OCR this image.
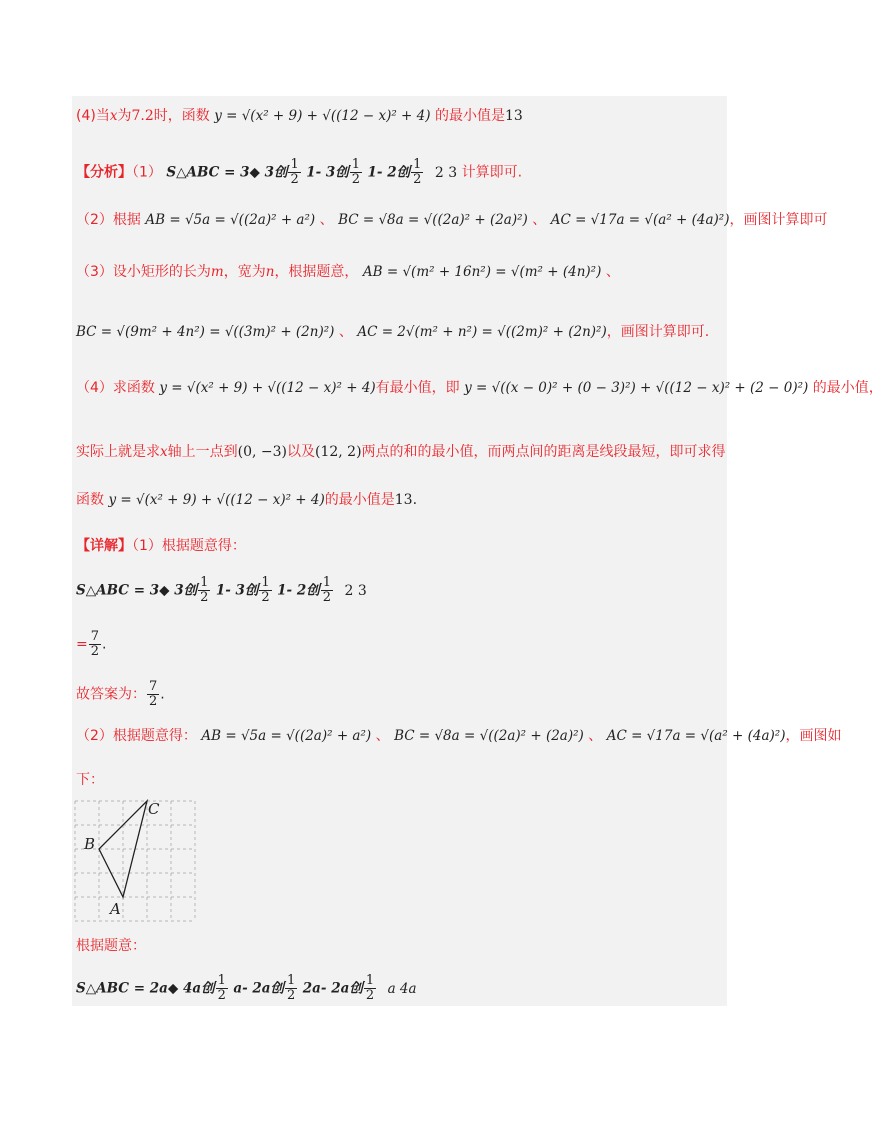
(4)当x为7.2时，函数 y = √(x² + 9) + √((12 − x)² + 4) 的最小值是13
【分析】（1） S△ABC = 3◆ 3创 $\frac{1}{2} 1-$ 3创 $\frac{1}{2} 1-$ 2创 $\frac{1}{2} 2$ 3 计算即可.
（2）根据 AB = √5a = √((2a)² + a²) 、 BC = √8a = √((2a)² + (2a)²) 、 AC = √17a = √(a² + (4a)²)，画图计算即可
（3）设小矩形的长为m，宽为n，根据题意， AB = √(m² + 16n²) = √(m² + (4n)²) 、
BC = √(9m² + 4n²) = √((3m)² + (2n)²) 、 AC = 2√(m² + n²) = √((2m)² + (2n)²)，画图计算即可.
（4）求函数 y = √(x² + 9) + √((12 − x)² + 4)有最小值，即 y = √((x − 0)² + (0 − 3)²) + √((12 − x)² + (2 − 0)²) 的最小值，
实际上就是求x轴上一点到(0, −3)以及(12, 2)两点的和的最小值，而两点间的距离是线段最短，即可求得
函数 y = √(x² + 9) + √((12 − x)² + 4)的最小值是13.
【详解】（1）根据题意得：
S△ABC = 3◆ 3创 $\frac{1}{2} 1-$ 3创 $\frac{1}{2} 1-$ 2创 $\frac{1}{2} 2$ 3
= $\frac{7}{2}$ .
故答案为： $\frac{7}{2}$ .
（2）根据题意得： AB = √5a = √((2a)² + a²) 、 BC = √8a = √((2a)² + (2a)²) 、 AC = √17a = √(a² + (4a)²)，画图如
下：
B
A
C
根据题意：
S△ABC = 2a◆ 4a创 $\frac{1}{2} a-$ 2a创 $\frac{1}{2} 2a-$ 2a创 $\frac{1}{2}$ a 4a
